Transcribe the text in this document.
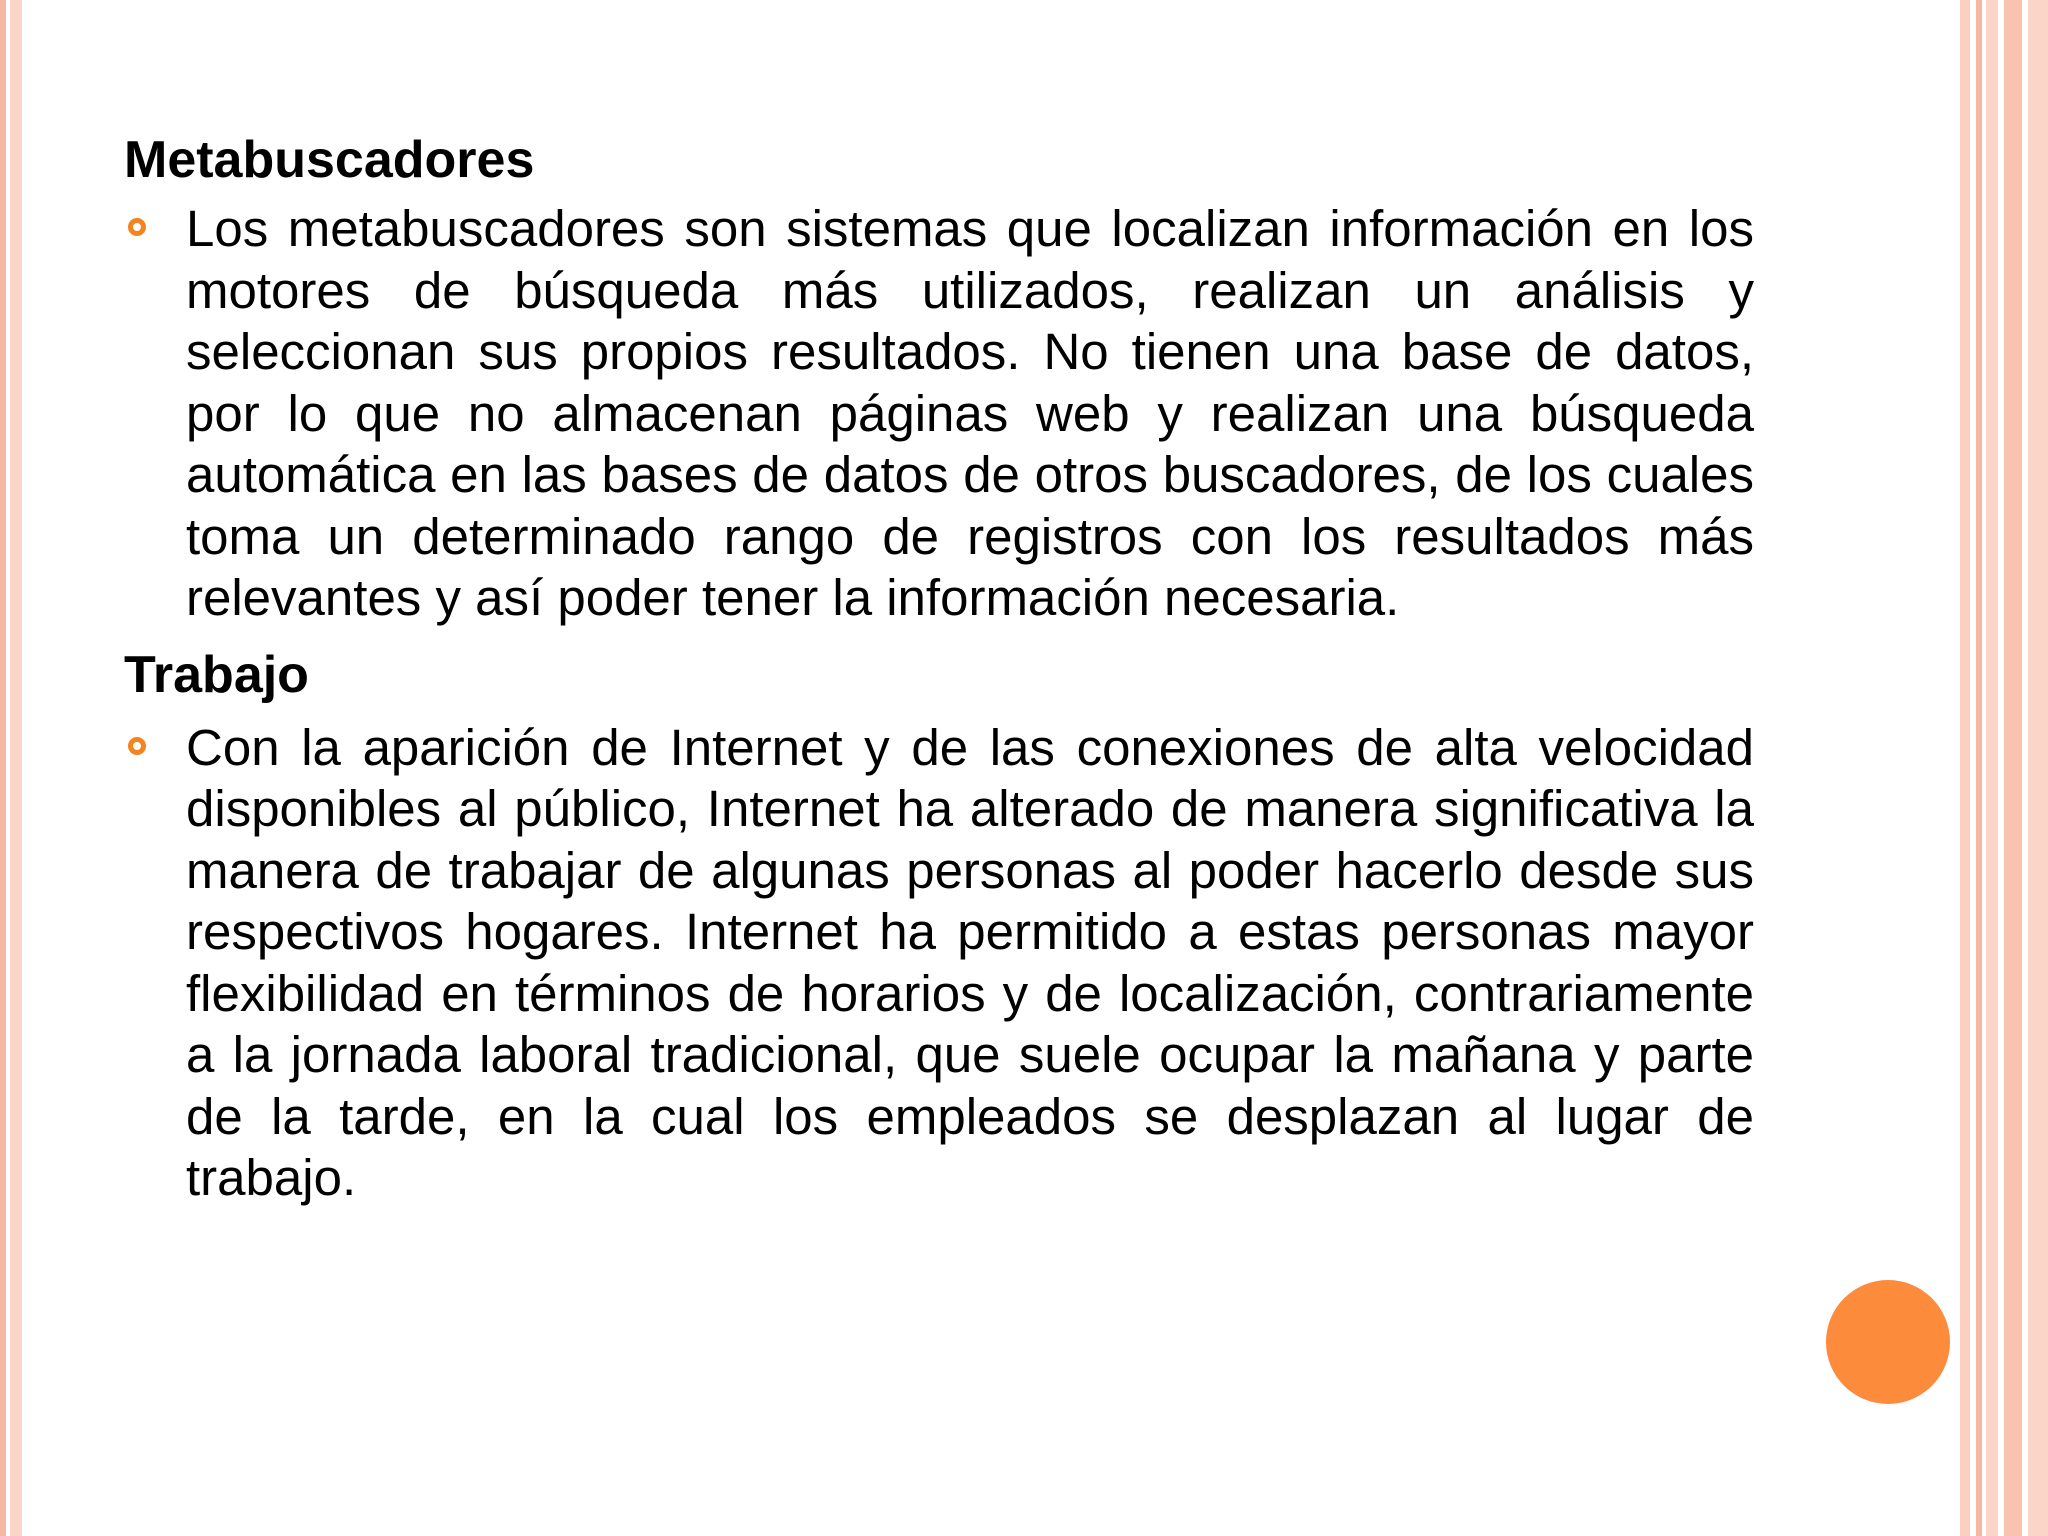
Metabuscadores

Los metabuscadores son sistemas que localizan información en los motores de búsqueda más utilizados, realizan un análisis y seleccionan sus propios resultados. No tienen una base de datos, por lo que no almacenan páginas web y realizan una búsqueda automática en las bases de datos de otros buscadores, de los cuales toma un determinado rango de registros con los resultados más relevantes y así poder tener la información necesaria.

Trabajo

Con la aparición de Internet y de las conexiones de alta velocidad disponibles al público, Internet ha alterado de manera significativa la manera de trabajar de algunas personas al poder hacerlo desde sus respectivos hogares. Internet ha permitido a estas personas mayor flexibilidad en términos de horarios y de localización, contrariamente a la jornada laboral tradicional, que suele ocupar la mañana y parte de la tarde, en la cual los empleados se desplazan al lugar de trabajo.
